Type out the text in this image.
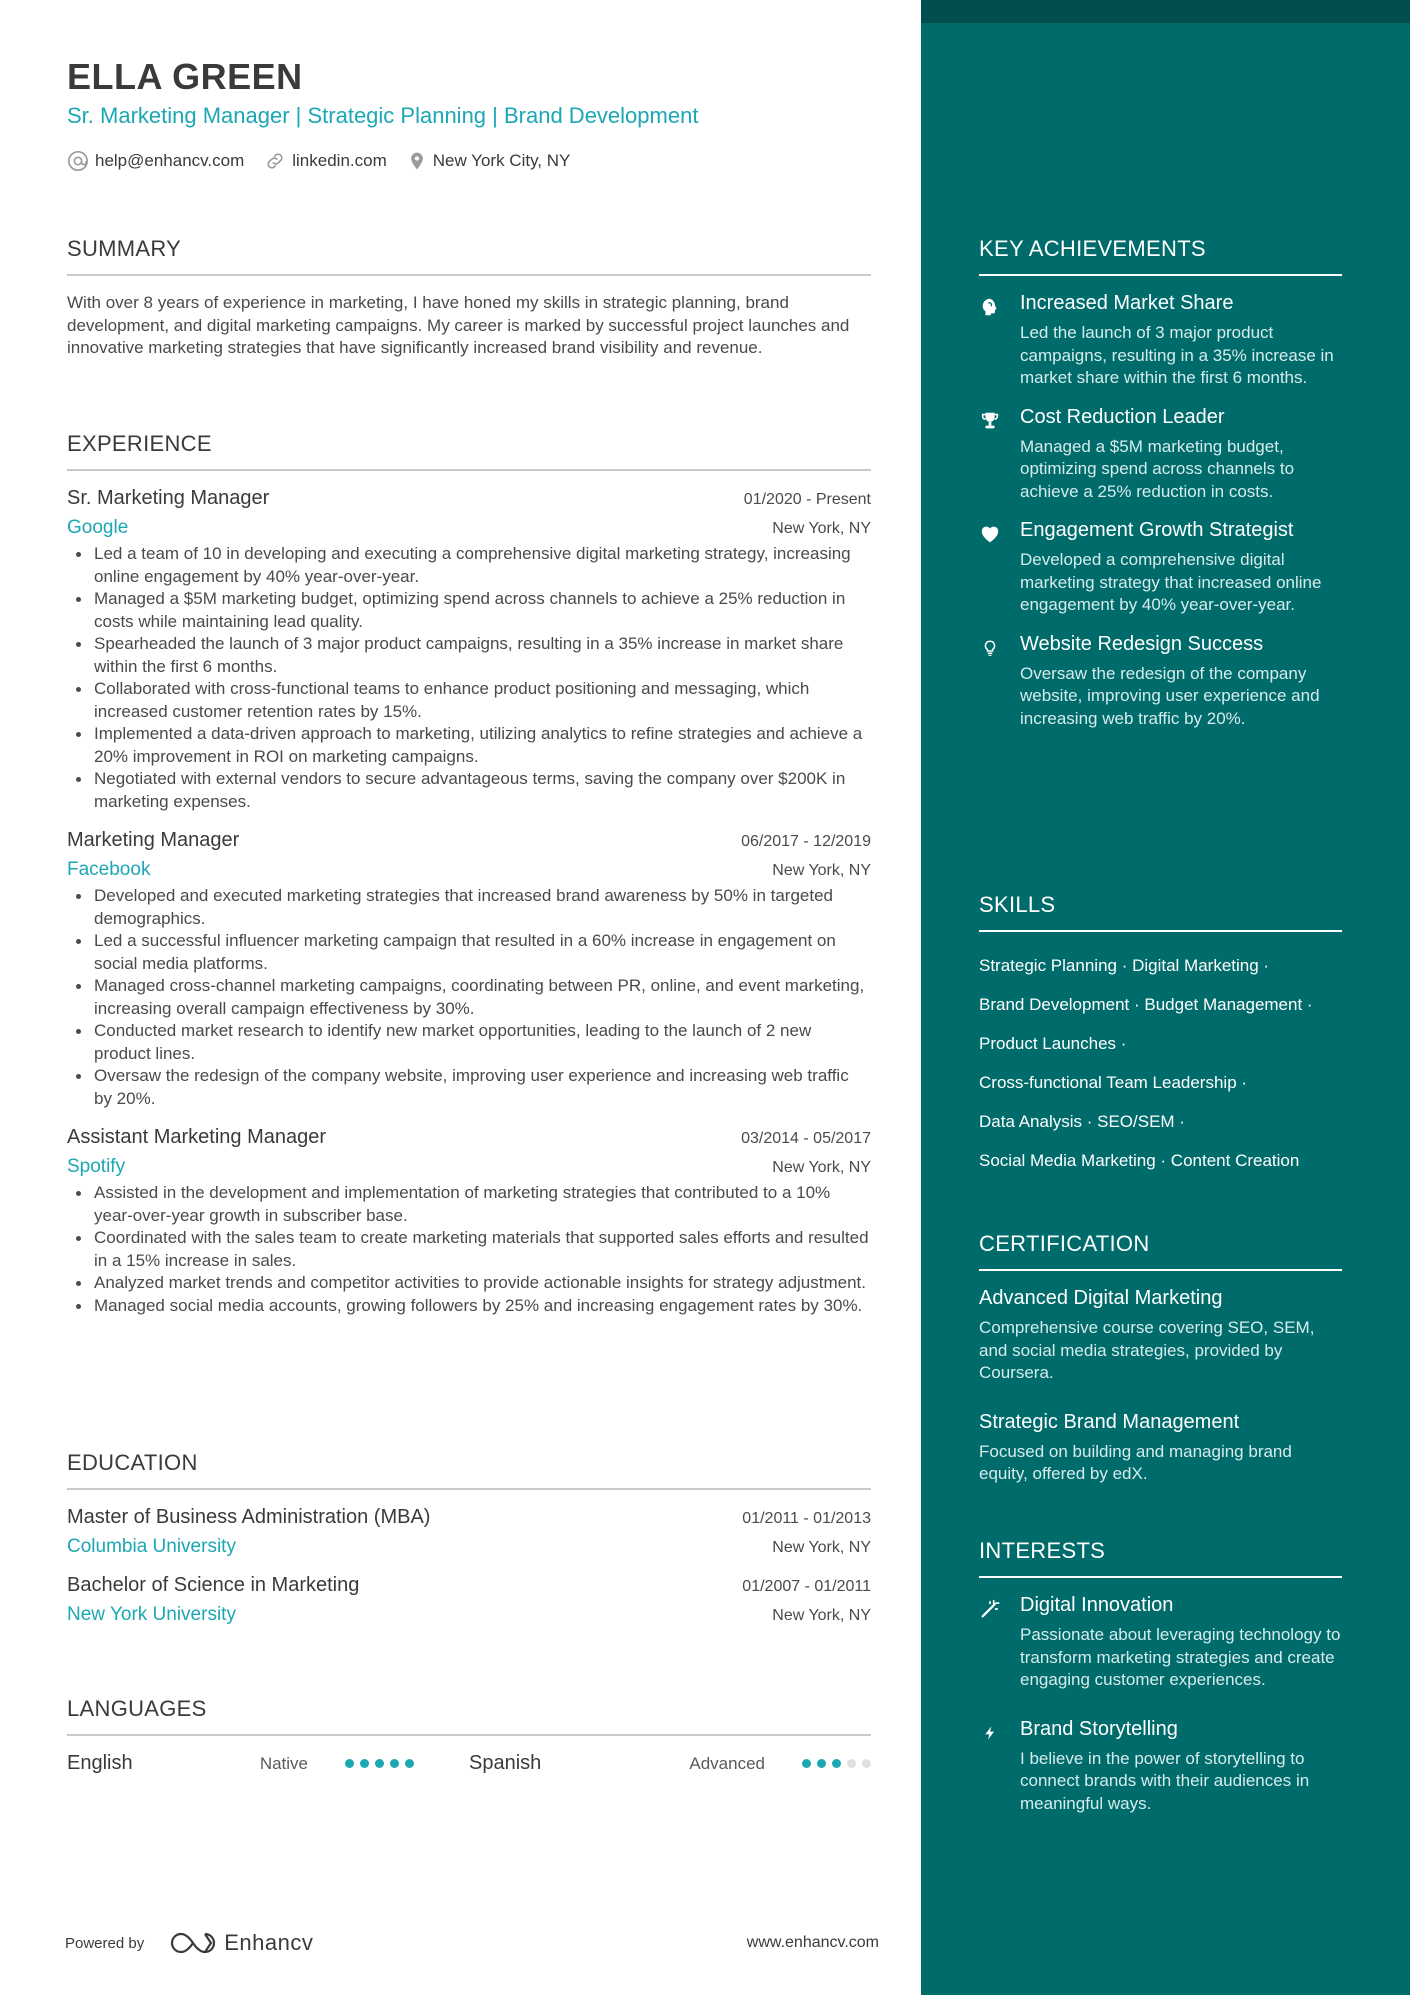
ELLA GREEN
Sr. Marketing Manager | Strategic Planning | Brand Development
help@enhancv.com	linkedin.com	New York City, NY
SUMMARY
With over 8 years of experience in marketing, I have honed my skills in strategic planning, brand development, and digital marketing campaigns. My career is marked by successful project launches and innovative marketing strategies that have significantly increased brand visibility and revenue.
EXPERIENCE
Sr. Marketing Manager	01/2020 - Present
Google	New York, NY
Led a team of 10 in developing and executing a comprehensive digital marketing strategy, increasing online engagement by 40% year-over-year.
Managed a $5M marketing budget, optimizing spend across channels to achieve a 25% reduction in costs while maintaining lead quality.
Spearheaded the launch of 3 major product campaigns, resulting in a 35% increase in market share within the first 6 months.
Collaborated with cross-functional teams to enhance product positioning and messaging, which increased customer retention rates by 15%.
Implemented a data-driven approach to marketing, utilizing analytics to refine strategies and achieve a 20% improvement in ROI on marketing campaigns.
Negotiated with external vendors to secure advantageous terms, saving the company over $200K in marketing expenses.
Marketing Manager	06/2017 - 12/2019
Facebook	New York, NY
Developed and executed marketing strategies that increased brand awareness by 50% in targeted demographics.
Led a successful influencer marketing campaign that resulted in a 60% increase in engagement on social media platforms.
Managed cross-channel marketing campaigns, coordinating between PR, online, and event marketing, increasing overall campaign effectiveness by 30%.
Conducted market research to identify new market opportunities, leading to the launch of 2 new product lines.
Oversaw the redesign of the company website, improving user experience and increasing web traffic by 20%.
Assistant Marketing Manager	03/2014 - 05/2017
Spotify	New York, NY
Assisted in the development and implementation of marketing strategies that contributed to a 10% year-over-year growth in subscriber base.
Coordinated with the sales team to create marketing materials that supported sales efforts and resulted in a 15% increase in sales.
Analyzed market trends and competitor activities to provide actionable insights for strategy adjustment.
Managed social media accounts, growing followers by 25% and increasing engagement rates by 30%.
EDUCATION
Master of Business Administration (MBA)	01/2011 - 01/2013
Columbia University	New York, NY
Bachelor of Science in Marketing	01/2007 - 01/2011
New York University	New York, NY
LANGUAGES
English	Native	Spanish	Advanced
Powered by	Enhancv	www.enhancv.com
KEY ACHIEVEMENTS
Increased Market Share
Led the launch of 3 major product campaigns, resulting in a 35% increase in market share within the first 6 months.
Cost Reduction Leader
Managed a $5M marketing budget, optimizing spend across channels to achieve a 25% reduction in costs.
Engagement Growth Strategist
Developed a comprehensive digital marketing strategy that increased online engagement by 40% year-over-year.
Website Redesign Success
Oversaw the redesign of the company website, improving user experience and increasing web traffic by 20%.
SKILLS
Strategic Planning · Digital Marketing ·
Brand Development · Budget Management ·
Product Launches ·
Cross-functional Team Leadership ·
Data Analysis · SEO/SEM ·
Social Media Marketing · Content Creation
CERTIFICATION
Advanced Digital Marketing
Comprehensive course covering SEO, SEM, and social media strategies, provided by Coursera.
Strategic Brand Management
Focused on building and managing brand equity, offered by edX.
INTERESTS
Digital Innovation
Passionate about leveraging technology to transform marketing strategies and create engaging customer experiences.
Brand Storytelling
I believe in the power of storytelling to connect brands with their audiences in meaningful ways.
